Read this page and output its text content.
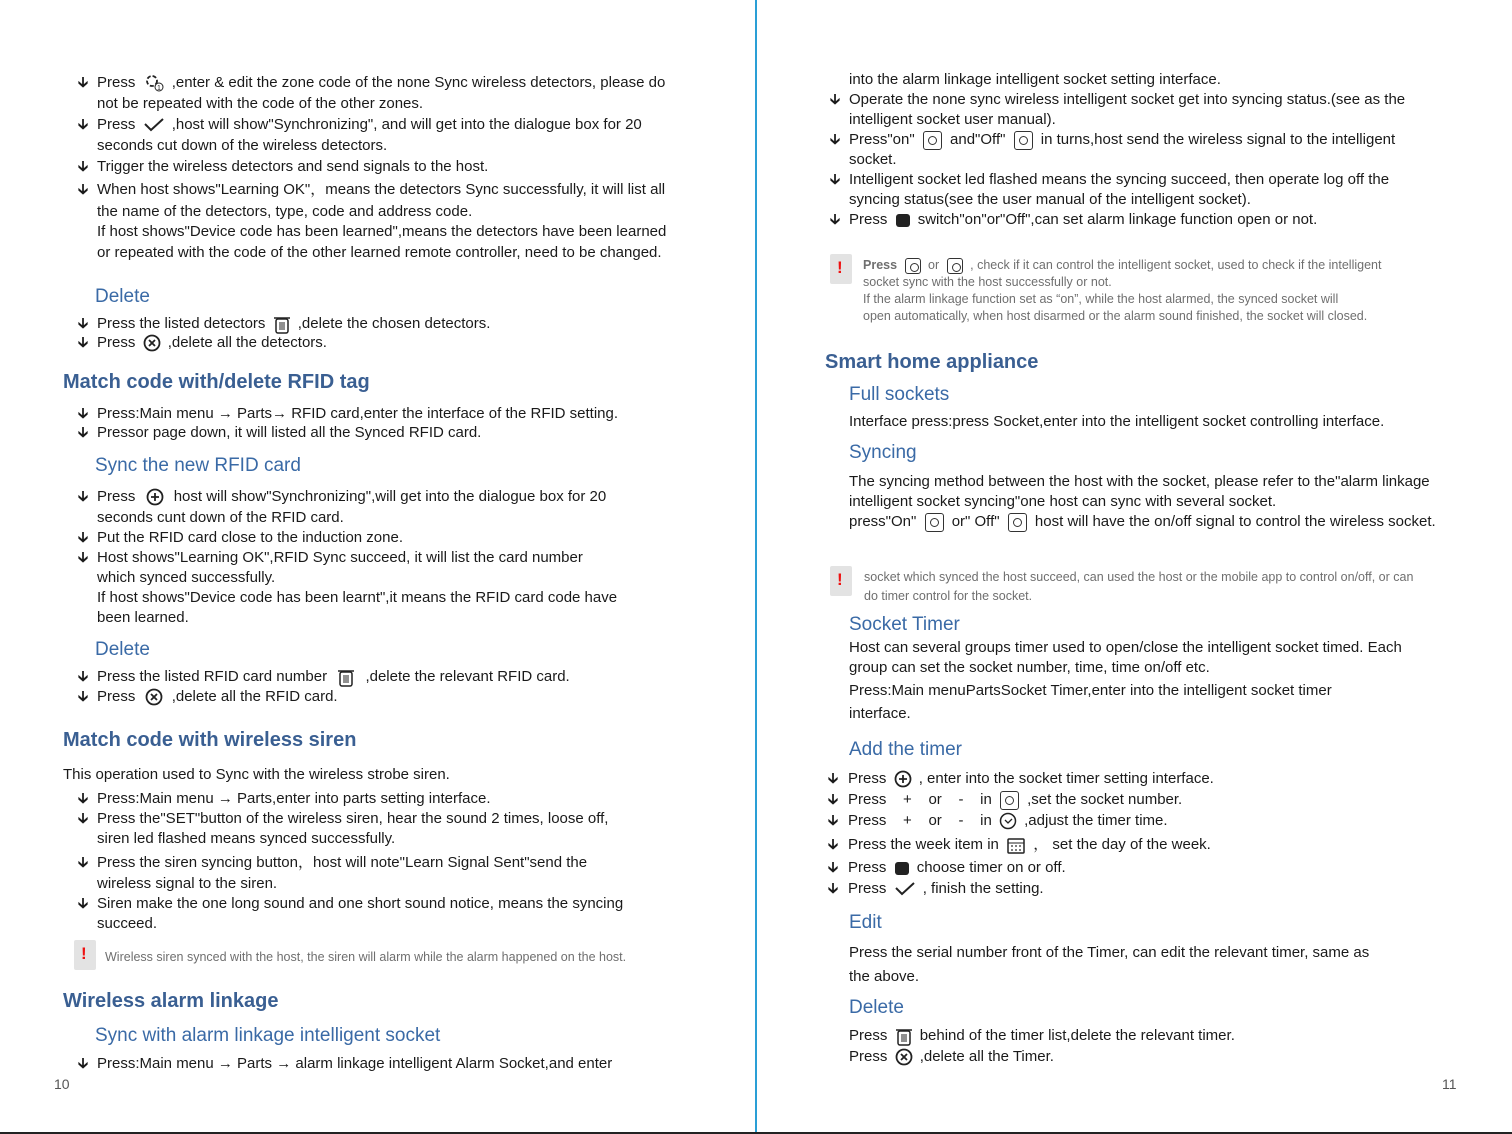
🡳 Press	1 ,enter & edit the zone code of the none Sync wireless detectors, please do
not be repeated with the code of the other zones.
🡳 Press ,host will show"Synchronizing", and will get into the dialogue box for 20
seconds cut down of the wireless detectors.
🡳 Trigger the wireless detectors and send signals to the host.
🡳 When host shows"Learning OK"，means the detectors Sync successfully, it will list all
the name of the detectors, type, code and address code.
If host shows"Device code has been learned",means the detectors have been learned
or repeated with the code of the other learned remote controller, need to be changed.
Delete
🡳 Press the listed detectors ,delete the chosen detectors.
🡳 Press ,delete all the detectors.
Match code with/delete RFID tag
🡳 Press:Main menu → Parts→ RFID card,enter the interface of the RFID setting.
🡳 Pressor page down, it will listed all the Synced RFID card.
Sync the new RFID card
🡳 Press	host will show"Synchronizing",will get into the dialogue box for 20
seconds cunt down of the RFID card.
🡳 Put the RFID card close to the induction zone.
🡳 Host shows"Learning OK",RFID Sync succeed, it will list the card number
which synced successfully.
If host shows"Device code has been learnt",it means the RFID card code have
been learned.
Delete
🡳 Press the listed RFID card number	,delete the relevant RFID card.
🡳 Press ,delete all the RFID card.
Match code with wireless siren
This operation used to Sync with the wireless strobe siren.
🡳 Press:Main menu → Parts,enter into parts setting interface.
🡳 Press the"SET"button of the wireless siren, hear the sound 2 times, loose off,
siren led flashed means synced successfully.
🡳 Press the siren syncing button，host will note"Learn Signal Sent"send the
wireless signal to the siren.
🡳 Siren make the one long sound and one short sound notice, means the syncing
succeed.
! Wireless siren synced with the host, the siren will alarm while the alarm happened on the host.
Wireless alarm linkage
Sync with alarm linkage intelligent socket
🡳 Press:Main menu → Parts → alarm linkage intelligent Alarm Socket,and enter
10
into the alarm linkage intelligent socket setting interface.
🡳 Operate the none sync wireless intelligent socket get into syncing status.(see as the
intelligent socket user manual).
🡳 Press"on" and"Off" in turns,host send the wireless signal to the intelligent
socket.
🡳 Intelligent socket led flashed means the syncing succeed, then operate log off the
syncing status(see the user manual of the intelligent socket).
🡳 Press switch"on"or"Off",can set alarm linkage function open or not.
! Press or , check if it can control the intelligent socket, used to check if the intelligent
socket sync with the host successfully or not.
If the alarm linkage function set as “on”, while the host alarmed, the synced socket will
open automatically, when host disarmed or the alarm sound finished, the socket will closed.
Smart home appliance
Full sockets
Interface press:press Socket,enter into the intelligent socket controlling interface.
Syncing
The syncing method between the host with the socket, please refer to the"alarm linkage
intelligent socket syncing"one host can sync with several socket.
press"On" or" Off" host will have the on/off signal to control the wireless socket.
! socket which synced the host succeed, can used the host or the mobile app to control on/off, or can
do timer control for the socket.
Socket Timer
Host can several groups timer used to open/close the intelligent socket timed. Each
group can set the socket number, time, time on/off etc.
Press:Main menuPartsSocket Timer,enter into the intelligent socket timer
interface.
Add the timer
🡳 Press , enter into the socket timer setting interface.
🡳 Press    +    or    -    in ,set the socket number.
🡳 Press    +    or    -    in ,adjust the timer time.
🡳 Press the week item in ， set the day of the week.
🡳 Press choose timer on or off.
🡳 Press , finish the setting.
Edit
Press the serial number front of the Timer, can edit the relevant timer, same as
the above.
Delete
Press behind of the timer list,delete the relevant timer.
Press ,delete all the Timer.
11
